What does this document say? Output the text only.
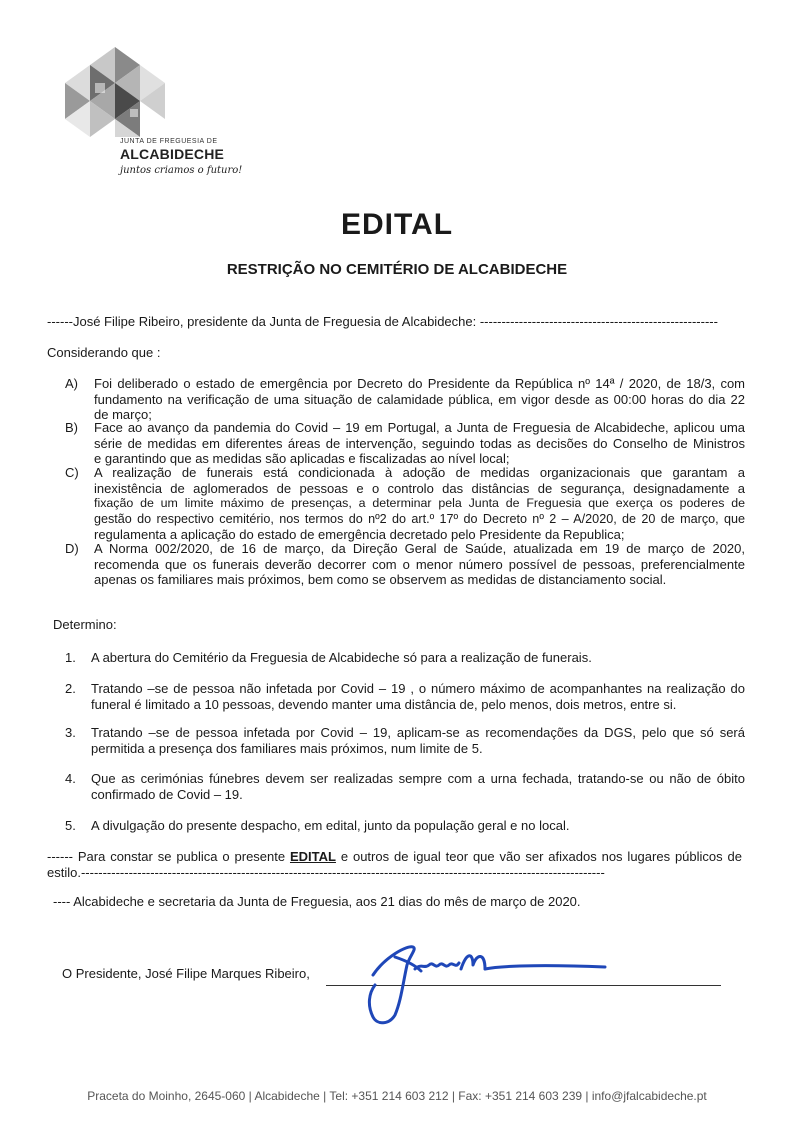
JUNTA DE FREGUESIA DE
ALCABIDECHE
juntos criamos o futuro!
EDITAL
RESTRIÇÃO NO CEMITÉRIO DE ALCABIDECHE
------José Filipe Ribeiro, presidente da Junta de Freguesia de Alcabideche: -------------------------------------------------------
Considerando que :
A)	Foi deliberado o estado de emergência por Decreto do Presidente da República nº 14ª / 2020, de 18/3, com
fundamento na verificação de uma situação de calamidade pública, em vigor desde as 00:00 horas do dia 22
de março;
B)	Face ao avanço da pandemia do Covid – 19 em Portugal, a Junta de Freguesia de Alcabideche, aplicou uma
série de medidas em diferentes áreas de intervenção, seguindo todas as decisões do Conselho de Ministros
e garantindo que as medidas são aplicadas e fiscalizadas ao nível local;
C)	A realização de funerais está condicionada à adoção de medidas organizacionais que garantam a
inexistência de aglomerados de pessoas e o controlo das distâncias de segurança, designadamente a
fixação de um limite máximo de presenças, a determinar pela Junta de Freguesia que exerça os poderes de
gestão do respectivo cemitério, nos termos do nº2 do art.º 17º do Decreto nº 2 – A/2020, de 20 de março, que
regulamenta a aplicação do estado de emergência decretado pelo Presidente da Republica;
D)	A Norma 002/2020, de 16 de março, da Direção Geral de Saúde, atualizada em 19 de março de 2020,
recomenda que os funerais deverão decorrer com o menor número possível de pessoas, preferencialmente
apenas os familiares mais próximos, bem como se observem as medidas de distanciamento social.
Determino:
1.	A abertura do Cemitério da Freguesia de Alcabideche só para a realização de funerais.
2.	Tratando –se de pessoa não infetada por Covid – 19 , o número máximo de acompanhantes na realização do
funeral é limitado a 10 pessoas, devendo manter uma distância de, pelo menos, dois metros, entre si.
3.	Tratando –se de pessoa infetada por Covid – 19, aplicam-se as recomendações da DGS, pelo que só será
permitida a presença dos familiares mais próximos, num limite de 5.
4.	Que as cerimónias fúnebres devem ser realizadas sempre com a urna fechada, tratando-se ou não de óbito
confirmado de Covid – 19.
5.	A divulgação do presente despacho, em edital, junto da população geral e no local.
------ Para constar se publica o presente EDITAL e outros de igual teor que vão ser afixados nos lugares públicos de
estilo.-------------------------------------------------------------------------------------------------------------------------
---- Alcabideche e secretaria da Junta de Freguesia, aos 21 dias do mês de março de 2020.
O Presidente, José Filipe Marques Ribeiro,
Praceta do Moinho, 2645-060 | Alcabideche | Tel: +351 214 603 212 | Fax: +351 214 603 239 | info@jfalcabideche.pt
